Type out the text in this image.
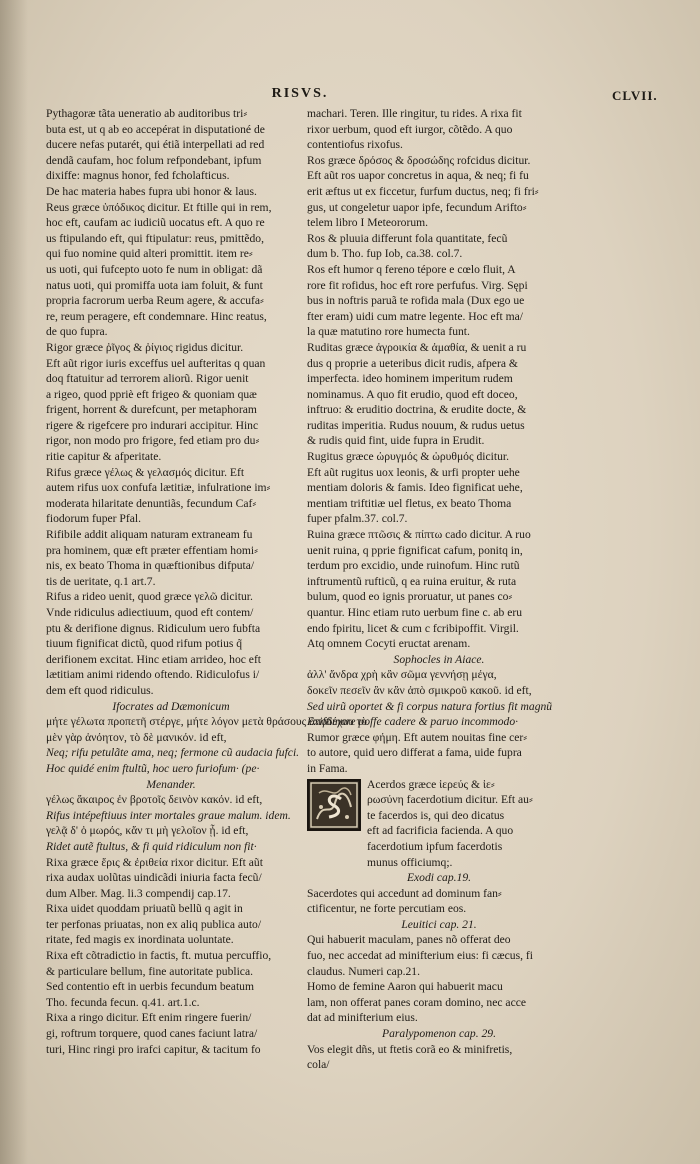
RISVS.	CLVII.

Pythagoræ tãta ueneratio ab auditoribus tri⸗

buta est, ut q ab eo accepérat in disputationé de

ducere nefas putarét, qui étiã interpellati ad red

dendã caufam, hoc folum refpondebant, ipfum

dixiffe: magnus honor, fed fcholafticus.

De hac materia habes fupra ubi honor & laus.

Reus græce ὑπόδικος dicitur. Et ftille qui in rem,

hoc eft, caufam ac iudiciũ uocatus eft. A quo re

us ftipulando eft, qui ftipulatur: reus, pmittẽdo,

qui fuo nomine quid alteri promittit. item re⸗

us uoti, qui fufcepto uoto fe num in obligat: dã

natus uoti, qui promiffa uota iam foluit, & funt

propria facrorum uerba Reum agere, & accufa⸗

re, reum peragere, eft condemnare. Hinc reatus,

de quo fupra.

Rigor græce ῥῖγος & ῥίγιος rigidus dicitur.

Eft aũt rigor iuris exceffus uel aufteritas q quan

doq ftatuitur ad terrorem aliorũ. Rigor uenit

a rigeo, quod ppriè eft frigeo & quoniam quæ

frigent, horrent & durefcunt, per metaphoram

rigere & rigefcere pro indurari accipitur. Hinc

rigor, non modo pro frigore, fed etiam pro du⸗

ritie capitur & afperitate.

Rifus græce γέλως & γελασμός dicitur. Eft

autem rifus uox confufa lætitiæ, infulratione im⸗

moderata hilaritate denuntiãs, fecundum Caf⸗

fiodorum fuper Pfal.

Rifibile addit aliquam naturam extraneam fu

pra hominem, quæ eft præter effentiam homi⸗

nis, ex beato Thoma in quæftionibus difputa/

tis de ueritate, q.1 art.7.

Rifus a rideo uenit, quod græce γελῶ dicitur.

Vnde ridiculus adiectiuum, quod eft contem/

ptu & derifione dignus. Ridiculum uero fubfta

tiuum fignificat dictũ, quod rifum potius q̃

derifionem excitat. Hinc etiam arrideo, hoc eft

lætitiam animi ridendo oftendo. Ridiculofus i/

dem eft quod ridiculus.

Ifocrates ad Dæmonicum

μήτε γέλωτα προπετῆ στέργε, μήτε λόγον μετὰ θράσους ἀποδέχου τὸ

μὲν γὰρ ἀνόητον, τὸ δὲ μανικόν. id eft,

Neq; rifu petulãte ama, neq; fermone cũ audacia fufci.

Hoc quidé enim ftultũ, hoc uero furiofum· (pe·

Menander.

γέλως ἄκαιρος ἐν βροτοῖς δεινὸν κακόν. id eft,

Rifus intépeftiuus inter mortales graue malum. idem.

γελᾷ δ' ὁ μωρός, κἄν τι μὴ γελοῖον ᾖ. id eft,

Ridet autẽ ftultus, & fi quid ridiculum non fit·

Rixa græce ἔρις & ἐριθεία rixor dicitur. Eft aũt

rixa audax uolũtas uindicãdi iniuria facta fecũ/

dum Alber. Mag. li.3 compendij cap.17.

Rixa uidet quoddam priuatũ bellũ q agit in

ter perfonas priuatas, non ex aliq publica auto/

ritate, fed magis ex inordinata uoluntate.

Rixa eft cõtradictio in factis, ft. mutua percuffio,

& particulare bellum, fine autoritate publica.

Sed contentio eft in uerbis fecundum beatum

Tho. fecunda fecun. q.41. art.1.c.

Rixa a ringo dicitur. Eft enim ringere fuerin/

gi, roftrum torquere, quod canes faciunt latra/

turi, Hinc ringi pro irafci capitur, & tacitum fo

machari. Teren. Ille ringitur, tu rides. A rixa fit

rixor uerbum, quod eft iurgor, cõtẽdo. A quo

contentiofus rixofus.

Ros græce δρόσος & δροσώδης rofcidus dicitur.

Eft aũt ros uapor concretus in aqua, & neq; fi fu

erit æftus ut ex ficcetur, furfum ductus, neq; fi fri⸗

gus, ut congeletur uapor ipfe, fecundum Arifto⸗

telem libro I Meteororum.

Ros & pluuia differunt fola quantitate, fecũ

dum b. Tho. fup Iob, ca.38. col.7.

Ros eft humor q fereno tépore e cœlo fluit, A

rore fit rofidus, hoc eft rore perfufus. Virg. Sępi

bus in noftris paruã te rofida mala (Dux ego ue

fter eram) uidi cum matre legente. Hoc eft ma/

la quæ matutino rore humecta funt.

Ruditas græce ἀγροικία & ἀμαθία, & uenit a ru

dus q proprie a ueteribus dicit rudis, afpera &

imperfecta. ideo hominem imperitum rudem

nominamus. A quo fit erudio, quod eft doceo,

inftruo: & eruditio doctrina, & erudite docte, &

ruditas imperitia. Rudus nouum, & rudus uetus

& rudis quid fint, uide fupra in Erudit.

Rugitus græce ὠρυγμός & ὠρυθμός dicitur.

Eft aũt rugitus uox leonis, & urfi propter uehe

mentiam doloris & famis. Ideo fignificat uehe,

mentiam triftitiæ uel fletus, ex beato Thoma

fuper pfalm.37. col.7.

Ruina græce πτῶσις & πίπτω cado dicitur. A ruo

uenit ruina, q pprie fignificat cafum, ponitq in,

terdum pro excidio, unde ruinofum. Hinc rutũ

inftrumentũ rufticũ, q ea ruina eruitur, & ruta

bulum, quod eo ignis proruatur, ut panes co⸗

quantur. Hinc etiam ruto uerbum fine c. ab eru

endo fpiritu, licet & cum c fcribipoffit. Virgil.

Atq omnem Cocyti eructat arenam.

Sophocles in Aiace.

ἀλλ' ἄνδρα χρὴ κἂν σῶμα γεννήσῃ μέγα,

δοκεῖν πεσεῖν ἂν κἂν ἀπὸ σμικροῦ κακοῦ. id eft,

Sed uirũ oportet & fi corpus natura fortius fit magnũ

Exiftimare poffe cadere & paruo incommodo·

Rumor græce φήμη. Eft autem nouitas fine cer⸗

to autore, quid uero differat a fama, uide fupra

in Fama.

Acerdos græce ἱερεύς & ἱε⸗

ρωσύνη facerdotium dicitur. Eft au⸗

te facerdos is, qui deo dicatus

eft ad facrificia facienda. A quo

facerdotium ipfum facerdotis

munus officiumq;.

Exodi cap.19.

Sacerdotes qui accedunt ad dominum fan⸗

ctificentur, ne forte percutiam eos.

Leuitici cap. 21.

Qui habuerit maculam, panes nõ offerat deo

fuo, nec accedat ad minifterium eius: fi cæcus, fi

claudus. Numeri cap.21.

Homo de femine Aaron qui habuerit macu

lam, non offerat panes coram domino, nec acce

dat ad minifterium eius.

Paralypomenon cap. 29.

Vos elegit dñs, ut ftetis corã eo & minifretis,

cola/
